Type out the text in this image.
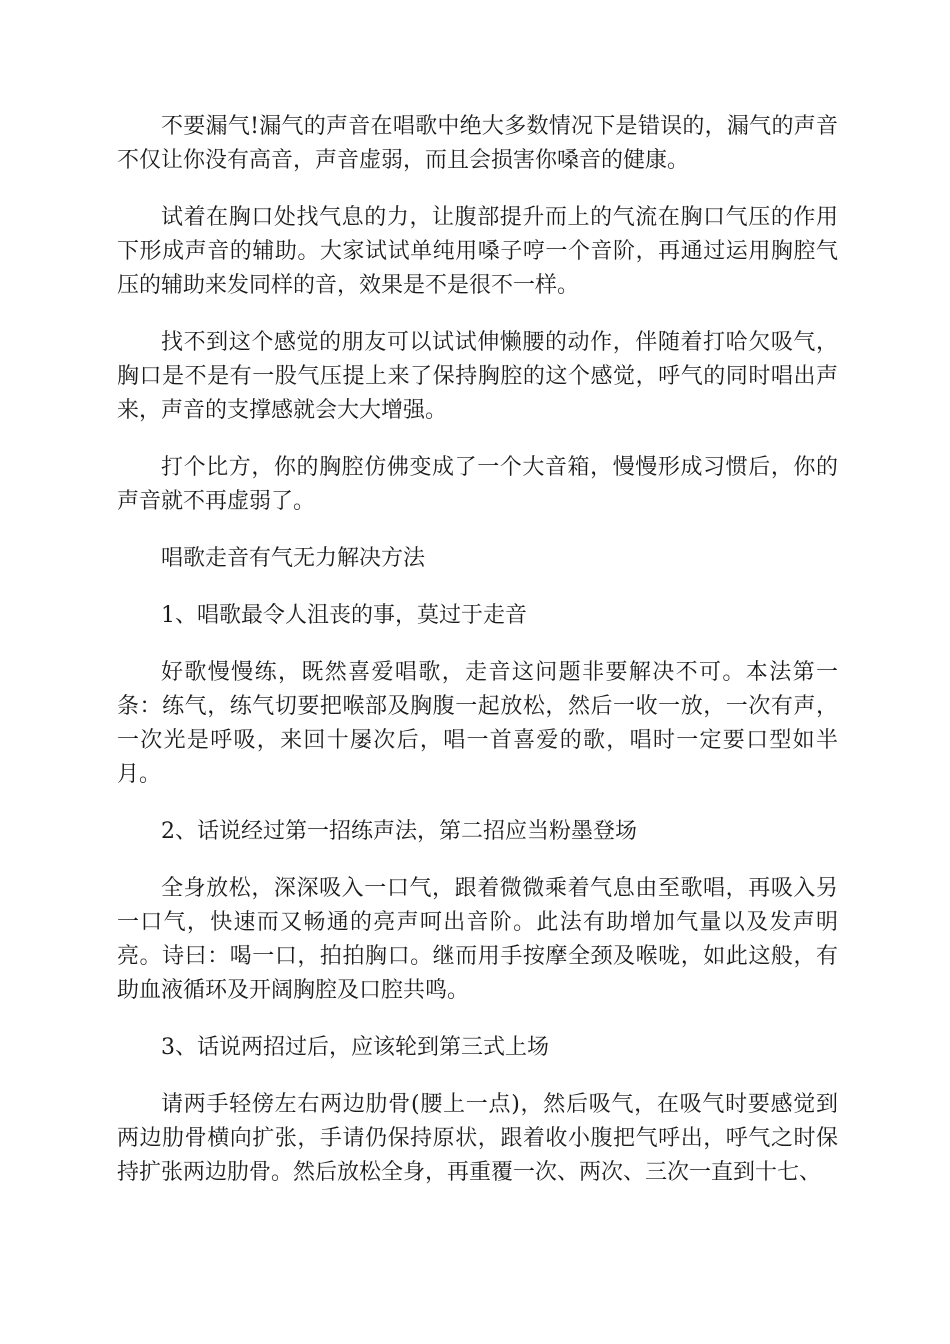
不要漏气!漏气的声音在唱歌中绝大多数情况下是错误的，漏气的声音不仅让你没有高音，声音虚弱，而且会损害你嗓音的健康。

试着在胸口处找气息的力，让腹部提升而上的气流在胸口气压的作用下形成声音的辅助。大家试试单纯用嗓子哼一个音阶，再通过运用胸腔气压的辅助来发同样的音，效果是不是很不一样。

找不到这个感觉的朋友可以试试伸懒腰的动作，伴随着打哈欠吸气，胸口是不是有一股气压提上来了保持胸腔的这个感觉，呼气的同时唱出声来，声音的支撑感就会大大增强。

打个比方，你的胸腔仿佛变成了一个大音箱，慢慢形成习惯后，你的声音就不再虚弱了。

唱歌走音有气无力解决方法

1、唱歌最令人沮丧的事，莫过于走音

好歌慢慢练，既然喜爱唱歌，走音这问题非要解决不可。本法第一条：练气，练气切要把喉部及胸腹一起放松，然后一收一放，一次有声，一次光是呼吸，来回十屡次后，唱一首喜爱的歌，唱时一定要口型如半月。

2、话说经过第一招练声法，第二招应当粉墨登场

全身放松，深深吸入一口气，跟着微微乘着气息由至歌唱，再吸入另一口气，快速而又畅通的亮声呵出音阶。此法有助增加气量以及发声明亮。诗曰：喝一口，拍拍胸口。继而用手按摩全颈及喉咙，如此这般，有助血液循环及开阔胸腔及口腔共鸣。

3、话说两招过后，应该轮到第三式上场

请两手轻傍左右两边肋骨(腰上一点)，然后吸气，在吸气时要感觉到两边肋骨横向扩张，手请仍保持原状，跟着收小腹把气呼出，呼气之时保持扩张两边肋骨。然后放松全身，再重覆一次、两次、三次一直到十七、
